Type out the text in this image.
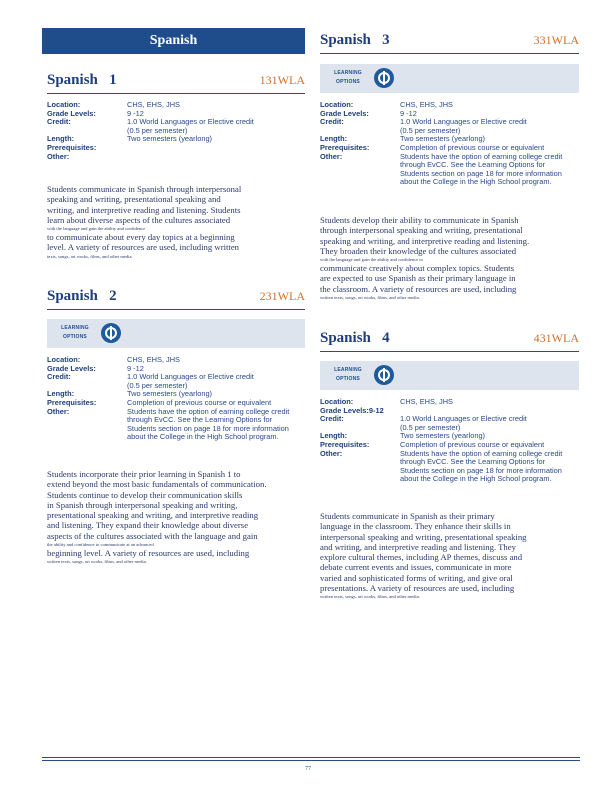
Spanish
Spanish   1	131WLA
Location:	CHS, EHS, JHS
Grade Levels:	9 -12
Credit:	1.0 World Languages or Elective credit
(0.5 per semester)
Length:	Two semesters (yearlong)
Prerequisites:
Other:
Students communicate in Spanish through interpersonal
speaking and writing, presentational speaking and
writing, and interpretive reading and listening. Students
learn about diverse aspects of the cultures associated
with the language and gain the ability and confidence
to communicate about every day topics at a beginning
level. A variety of resources are used, including written
texts, songs, art works, films, and other media.
Spanish   2	231WLA
LEARNING
OPTIONS
Location:	CHS, EHS, JHS
Grade Levels:	9 -12
Credit:	1.0 World Languages or Elective credit
(0.5 per semester)
Length:	Two semesters (yearlong)
Prerequisites:	Completion of previous course or equivalent
Other:	Students have the option of earning college credit
through EvCC. See the Learning Options for
Students section on page 18 for more information
about the College in the High School program.
Students incorporate their prior learning in Spanish 1 to
extend beyond the most basic fundamentals of communication.
Students continue to develop their communication skills
in Spanish through interpersonal speaking and writing,
presentational speaking and writing, and interpretive reading
and listening. They expand their knowledge about diverse
aspects of the cultures associated with the language and gain
the ability and confidence to communicate at an advanced
beginning level. A variety of resources are used, including
written texts, songs, art works, films, and other media.
Spanish   3	331WLA
LEARNING
OPTIONS
Location:	CHS, EHS, JHS
Grade Levels:	9 -12
Credit:	1.0 World Languages or Elective credit
(0.5 per semester)
Length:	Two semesters (yearlong)
Prerequisites:	Completion of previous course or equivalent
Other:	Students have the option of earning college credit
through EvCC. See the Learning Options for
Students section on page 18 for more information
about the College in the High School program.
Students develop their ability to communicate in Spanish
through interpersonal speaking and writing, presentational
speaking and writing, and interpretive reading and listening.
They broaden their knowledge of the cultures associated
with the language and gain the ability and confidence to
communicate creatively about complex topics. Students
are expected to use Spanish as their primary language in
the classroom. A variety of resources are used, including
written texts, songs, art works, films, and other media.
Spanish   4	431WLA
LEARNING
OPTIONS
Location:	CHS, EHS, JHS
Grade Levels:9-12
Credit:	1.0 World Languages or Elective credit
(0.5 per semester)
Length:	Two semesters (yearlong)
Prerequisites:	Completion of previous course or equivalent
Other:	Students have the option of earning college credit
through EvCC. See the Learning Options for
Students section on page 18 for more information
about the College in the High School program.
Students communicate in Spanish as their primary
language in the classroom. They enhance their skills in
interpersonal speaking and writing, presentational speaking
and writing, and interpretive reading and listening. They
explore cultural themes, including AP themes, discuss and
debate current events and issues, communicate in more
varied and sophisticated forms of writing, and give oral
presentations. A variety of resources are used, including
written texts, songs, art works, films, and other media.
77
